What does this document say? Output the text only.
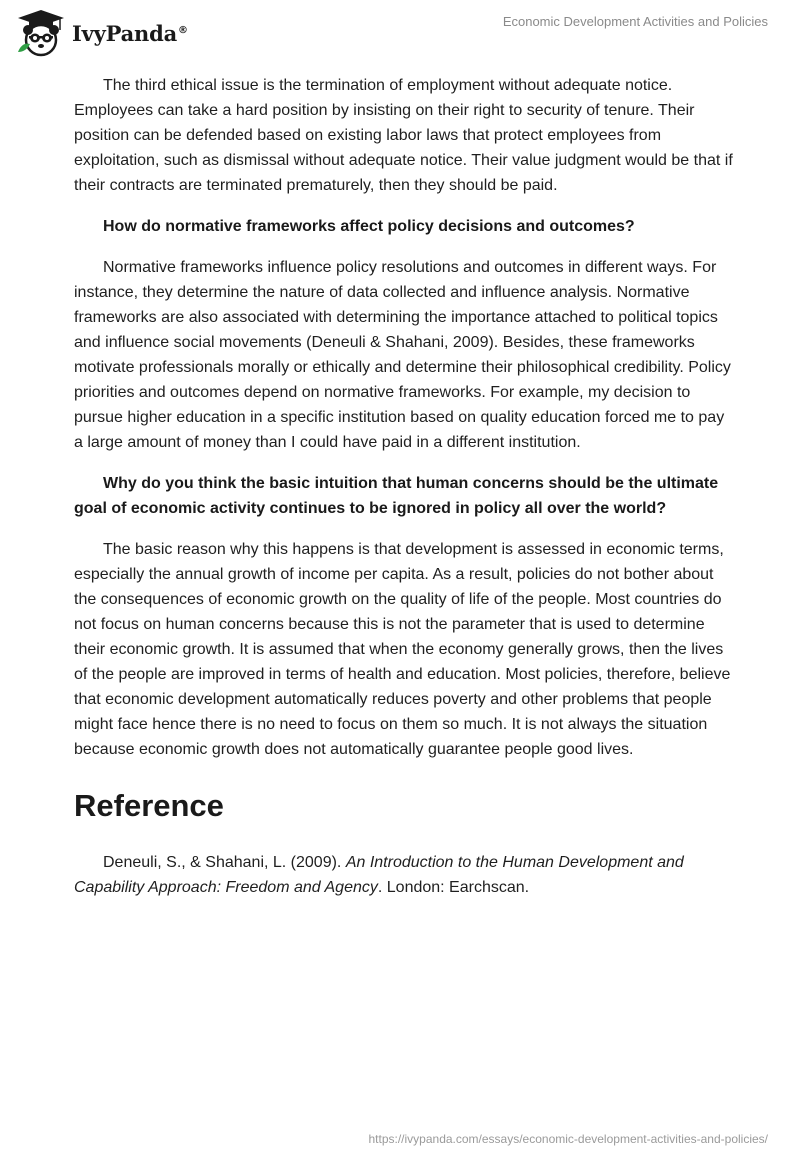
IvyPanda®
Economic Development Activities and Policies

The third ethical issue is the termination of employment without adequate notice. Employees can take a hard position by insisting on their right to security of tenure. Their position can be defended based on existing labor laws that protect employees from exploitation, such as dismissal without adequate notice. Their value judgment would be that if their contracts are terminated prematurely, then they should be paid.

How do normative frameworks affect policy decisions and outcomes?

Normative frameworks influence policy resolutions and outcomes in different ways. For instance, they determine the nature of data collected and influence analysis. Normative frameworks are also associated with determining the importance attached to political topics and influence social movements (Deneuli & Shahani, 2009). Besides, these frameworks motivate professionals morally or ethically and determine their philosophical credibility. Policy priorities and outcomes depend on normative frameworks. For example, my decision to pursue higher education in a specific institution based on quality education forced me to pay a large amount of money than I could have paid in a different institution.

Why do you think the basic intuition that human concerns should be the ultimate goal of economic activity continues to be ignored in policy all over the world?

The basic reason why this happens is that development is assessed in economic terms, especially the annual growth of income per capita. As a result, policies do not bother about the consequences of economic growth on the quality of life of the people. Most countries do not focus on human concerns because this is not the parameter that is used to determine their economic growth. It is assumed that when the economy generally grows, then the lives of the people are improved in terms of health and education. Most policies, therefore, believe that economic development automatically reduces poverty and other problems that people might face hence there is no need to focus on them so much. It is not always the situation because economic growth does not automatically guarantee people good lives.

Reference

Deneuli, S., & Shahani, L. (2009). An Introduction to the Human Development and Capability Approach: Freedom and Agency. London: Earchscan.

https://ivypanda.com/essays/economic-development-activities-and-policies/
